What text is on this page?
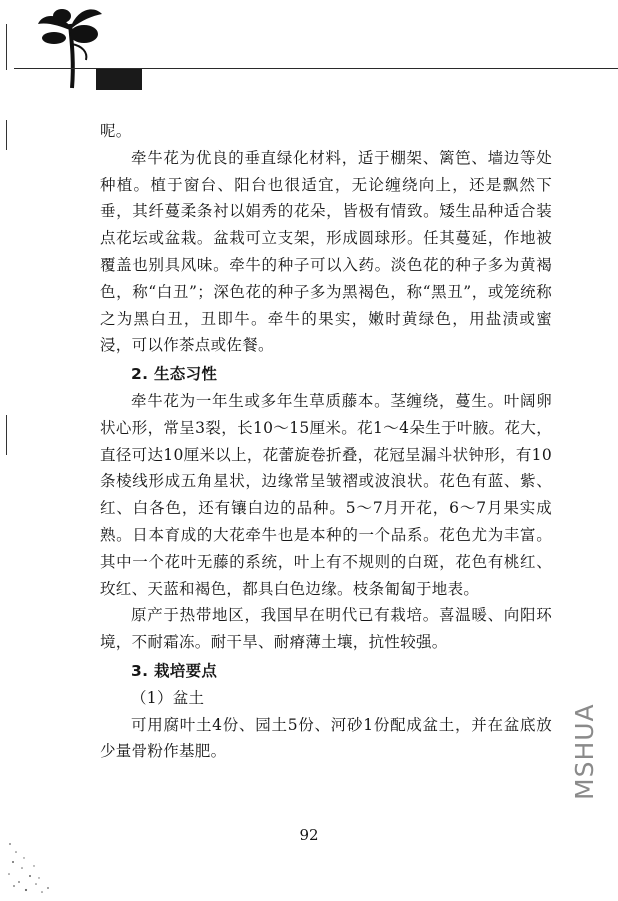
呢。

牵牛花为优良的垂直绿化材料，适于棚架、篱笆、墙边等处种植。植于窗台、阳台也很适宜，无论缠绕向上，还是飘然下垂，其纤蔓柔条衬以娟秀的花朵，皆极有情致。矮生品种适合装点花坛或盆栽。盆栽可立支架，形成圆球形。任其蔓延，作地被覆盖也别具风味。牵牛的种子可以入药。淡色花的种子多为黄褐色，称“白丑”；深色花的种子多为黑褐色，称“黑丑”，或笼统称之为黑白丑，丑即牛。牵牛的果实，嫩时黄绿色，用盐渍或蜜浸，可以作茶点或佐餐。

2. 生态习性

牵牛花为一年生或多年生草质藤本。茎缠绕，蔓生。叶阔卵状心形，常呈3裂，长10～15厘米。花1～4朵生于叶腋。花大，直径可达10厘米以上，花蕾旋卷折叠，花冠呈漏斗状钟形，有10条棱线形成五角星状，边缘常呈皱褶或波浪状。花色有蓝、紫、红、白各色，还有镶白边的品种。5～7月开花，6～7月果实成熟。日本育成的大花牵牛也是本种的一个品系。花色尤为丰富。其中一个花叶无藤的系统，叶上有不规则的白斑，花色有桃红、玫红、天蓝和褐色，都具白色边缘。枝条匍匐于地表。

原产于热带地区，我国早在明代已有栽培。喜温暖、向阳环境，不耐霜冻。耐干旱、耐瘠薄土壤，抗性较强。

3. 栽培要点

（1）盆土

可用腐叶土4份、园土5份、河砂1份配成盆土，并在盆底放少量骨粉作基肥。

92
MSHUA
